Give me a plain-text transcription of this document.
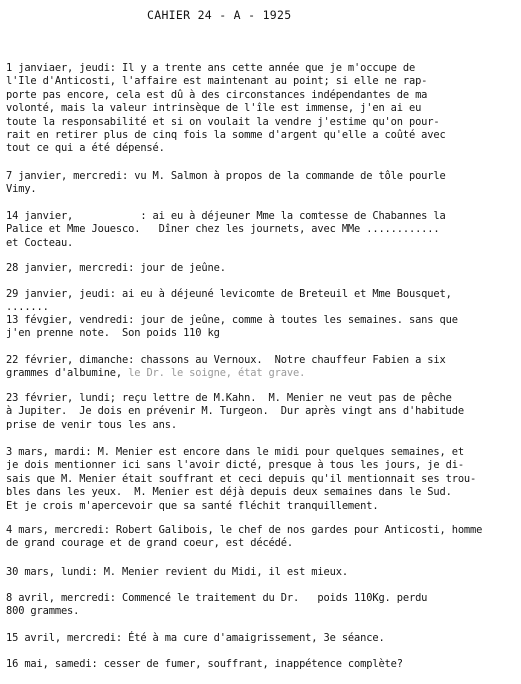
CAHIER 24 - A - 1925
1 janviaer, jeudi: Il y a trente ans cette année que je m'occupe de
l'Ile d'Anticosti, l'affaire est maintenant au point; si elle ne rap-
porte pas encore, cela est dû à des circonstances indépendantes de ma
volonté, mais la valeur intrinsèque de l'île est immense, j'en ai eu
toute la responsabilité et si on voulait la vendre j'estime qu'on pour-
rait en retirer plus de cinq fois la somme d'argent qu'elle a coûté avec
tout ce qui a été dépensé.
7 janvier, mercredi: vu M. Salmon à propos de la commande de tôle pourle
Vimy.
14 janvier,           : ai eu à déjeuner Mme la comtesse de Chabannes la
Palice et Mme Jouesco.   Dîner chez les journets, avec MMe ............
et Cocteau.
28 janvier, mercredi: jour de jeûne.
29 janvier, jeudi: ai eu à déjeuné levicomte de Breteuil et Mme Bousquet,
.......
13 févgier, vendredi: jour de jeûne, comme à toutes les semaines. sans que
j'en prenne note.  Son poids 110 kg
22 février, dimanche: chassons au Vernoux.  Notre chauffeur Fabien a six
grammes d'albumine, le Dr. le soigne, état grave.
23 février, lundi; reçu lettre de M.Kahn.  M. Menier ne veut pas de pêche
à Jupiter.  Je dois en prévenir M. Turgeon.  Dur après vingt ans d'habitude
prise de venir tous les ans.
3 mars, mardi: M. Menier est encore dans le midi pour quelques semaines, et
je dois mentionner ici sans l'avoir dicté, presque à tous les jours, je di-
sais que M. Menier était souffrant et ceci depuis qu'il mentionnait ses trou-
bles dans les yeux.  M. Menier est déjà depuis deux semaines dans le Sud.
Et je crois m'apercevoir que sa santé fléchit tranquillement.
4 mars, mercredi: Robert Galibois, le chef de nos gardes pour Anticosti, homme
de grand courage et de grand coeur, est décédé.
30 mars, lundi: M. Menier revient du Midi, il est mieux.
8 avril, mercredi: Commencé le traitement du Dr.   poids 110Kg. perdu
800 grammes.
15 avril, mercredi: Été à ma cure d'amaigrissement, 3e séance.
16 mai, samedi: cesser de fumer, souffrant, inappétence complète?
